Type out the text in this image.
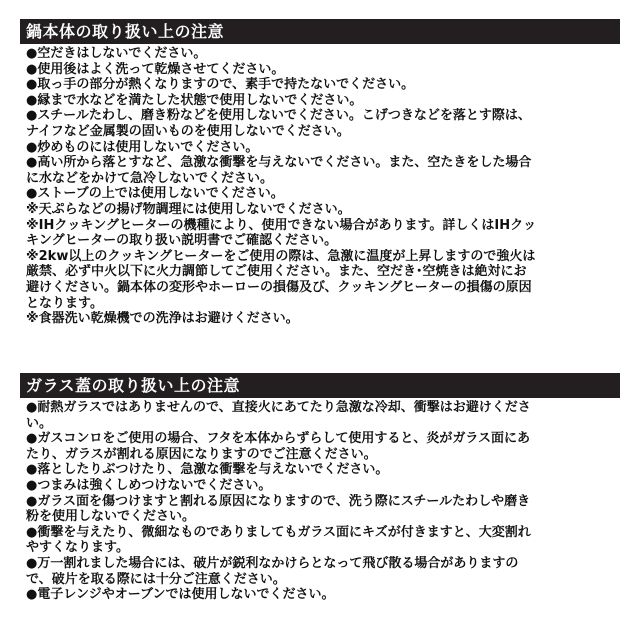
鍋本体の取り扱い上の注意

●空だきはしないでください。

●使用後はよく洗って乾燥させてください。

●取っ手の部分が熱くなりますので、素手で持たないでください。

●縁まで水などを満たした状態で使用しないでください。

●スチールたわし、磨き粉などを使用しないでください。こげつきなどを落とす際は、

ナイフなど金属製の固いものを使用しないでください。

●炒めものには使用しないでください。

●高い所から落とすなど、急激な衝撃を与えないでください。また、空たきをした場合

に水などをかけて急冷しないでください。

●ストーブの上では使用しないでください。

※天ぷらなどの揚げ物調理には使用しないでください。

※IHクッキングヒーターの機種により、使用できない場合があります。詳しくはIHクッ

キングヒーターの取り扱い説明書でご確認ください。

※2kw以上のクッキングヒーターをご使用の際は、急激に温度が上昇しますので強火は

厳禁、必ず中火以下に火力調節してご使用ください。また、空だき･空焼きは絶対にお

避けください。鍋本体の変形やホーローの損傷及び、クッキングヒーターの損傷の原因

となります。

※食器洗い乾燥機での洗浄はお避けください。

ガラス蓋の取り扱い上の注意

●耐熱ガラスではありませんので、直接火にあてたり急激な冷却、衝撃はお避けくださ

い。

●ガスコンロをご使用の場合、フタを本体からずらして使用すると、炎がガラス面にあ

たり、ガラスが割れる原因になりますのでご注意ください。

●落としたりぶつけたり、急激な衝撃を与えないでください。

●つまみは強くしめつけないでください。

●ガラス面を傷つけますと割れる原因になりますので、洗う際にスチールたわしや磨き

粉を使用しないでください。

●衝撃を与えたり、微細なものでありましてもガラス面にキズが付きますと、大変割れ

やすくなります。

●万一割れました場合には、破片が鋭利なかけらとなって飛び散る場合がありますの

で、破片を取る際には十分ご注意ください。

●電子レンジやオーブンでは使用しないでください。
